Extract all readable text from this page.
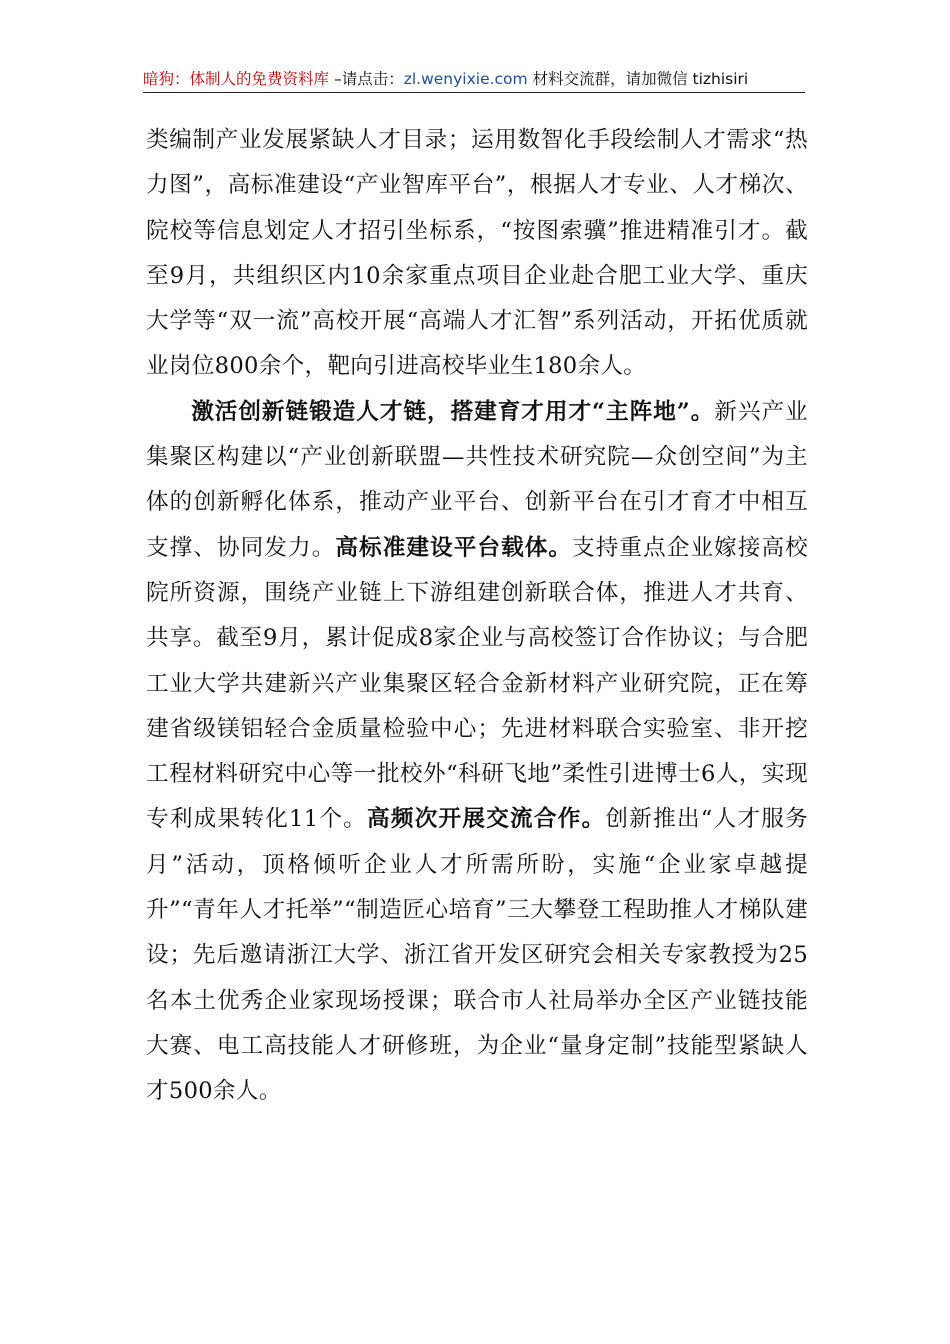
暗狗：体制人的免费资料库 –请点击：zl.wenyixie.com 材料交流群，请加微信 tizhisiri

类编制产业发展紧缺人才目录；运用数智化手段绘制人才需求“热力图”，高标准建设“产业智库平台”，根据人才专业、人才梯次、院校等信息划定人才招引坐标系，“按图索骥”推进精准引才。截至9月，共组织区内10余家重点项目企业赴合肥工业大学、重庆大学等“双一流”高校开展“高端人才汇智”系列活动，开拓优质就业岗位800余个，靶向引进高校毕业生180余人。

激活创新链锻造人才链，搭建育才用才“主阵地”。新兴产业集聚区构建以“产业创新联盟—共性技术研究院—众创空间”为主体的创新孵化体系，推动产业平台、创新平台在引才育才中相互支撑、协同发力。高标准建设平台载体。支持重点企业嫁接高校院所资源，围绕产业链上下游组建创新联合体，推进人才共育、共享。截至9月，累计促成8家企业与高校签订合作协议；与合肥工业大学共建新兴产业集聚区轻合金新材料产业研究院，正在筹建省级镁铝轻合金质量检验中心；先进材料联合实验室、非开挖工程材料研究中心等一批校外“科研飞地”柔性引进博士6人，实现专利成果转化11个。高频次开展交流合作。创新推出“人才服务月”活动，顶格倾听企业人才所需所盼，实施“企业家卓越提升”“青年人才托举”“制造匠心培育”三大攀登工程助推人才梯队建设；先后邀请浙江大学、浙江省开发区研究会相关专家教授为25名本土优秀企业家现场授课；联合市人社局举办全区产业链技能大赛、电工高技能人才研修班，为企业“量身定制”技能型紧缺人才500余人。
